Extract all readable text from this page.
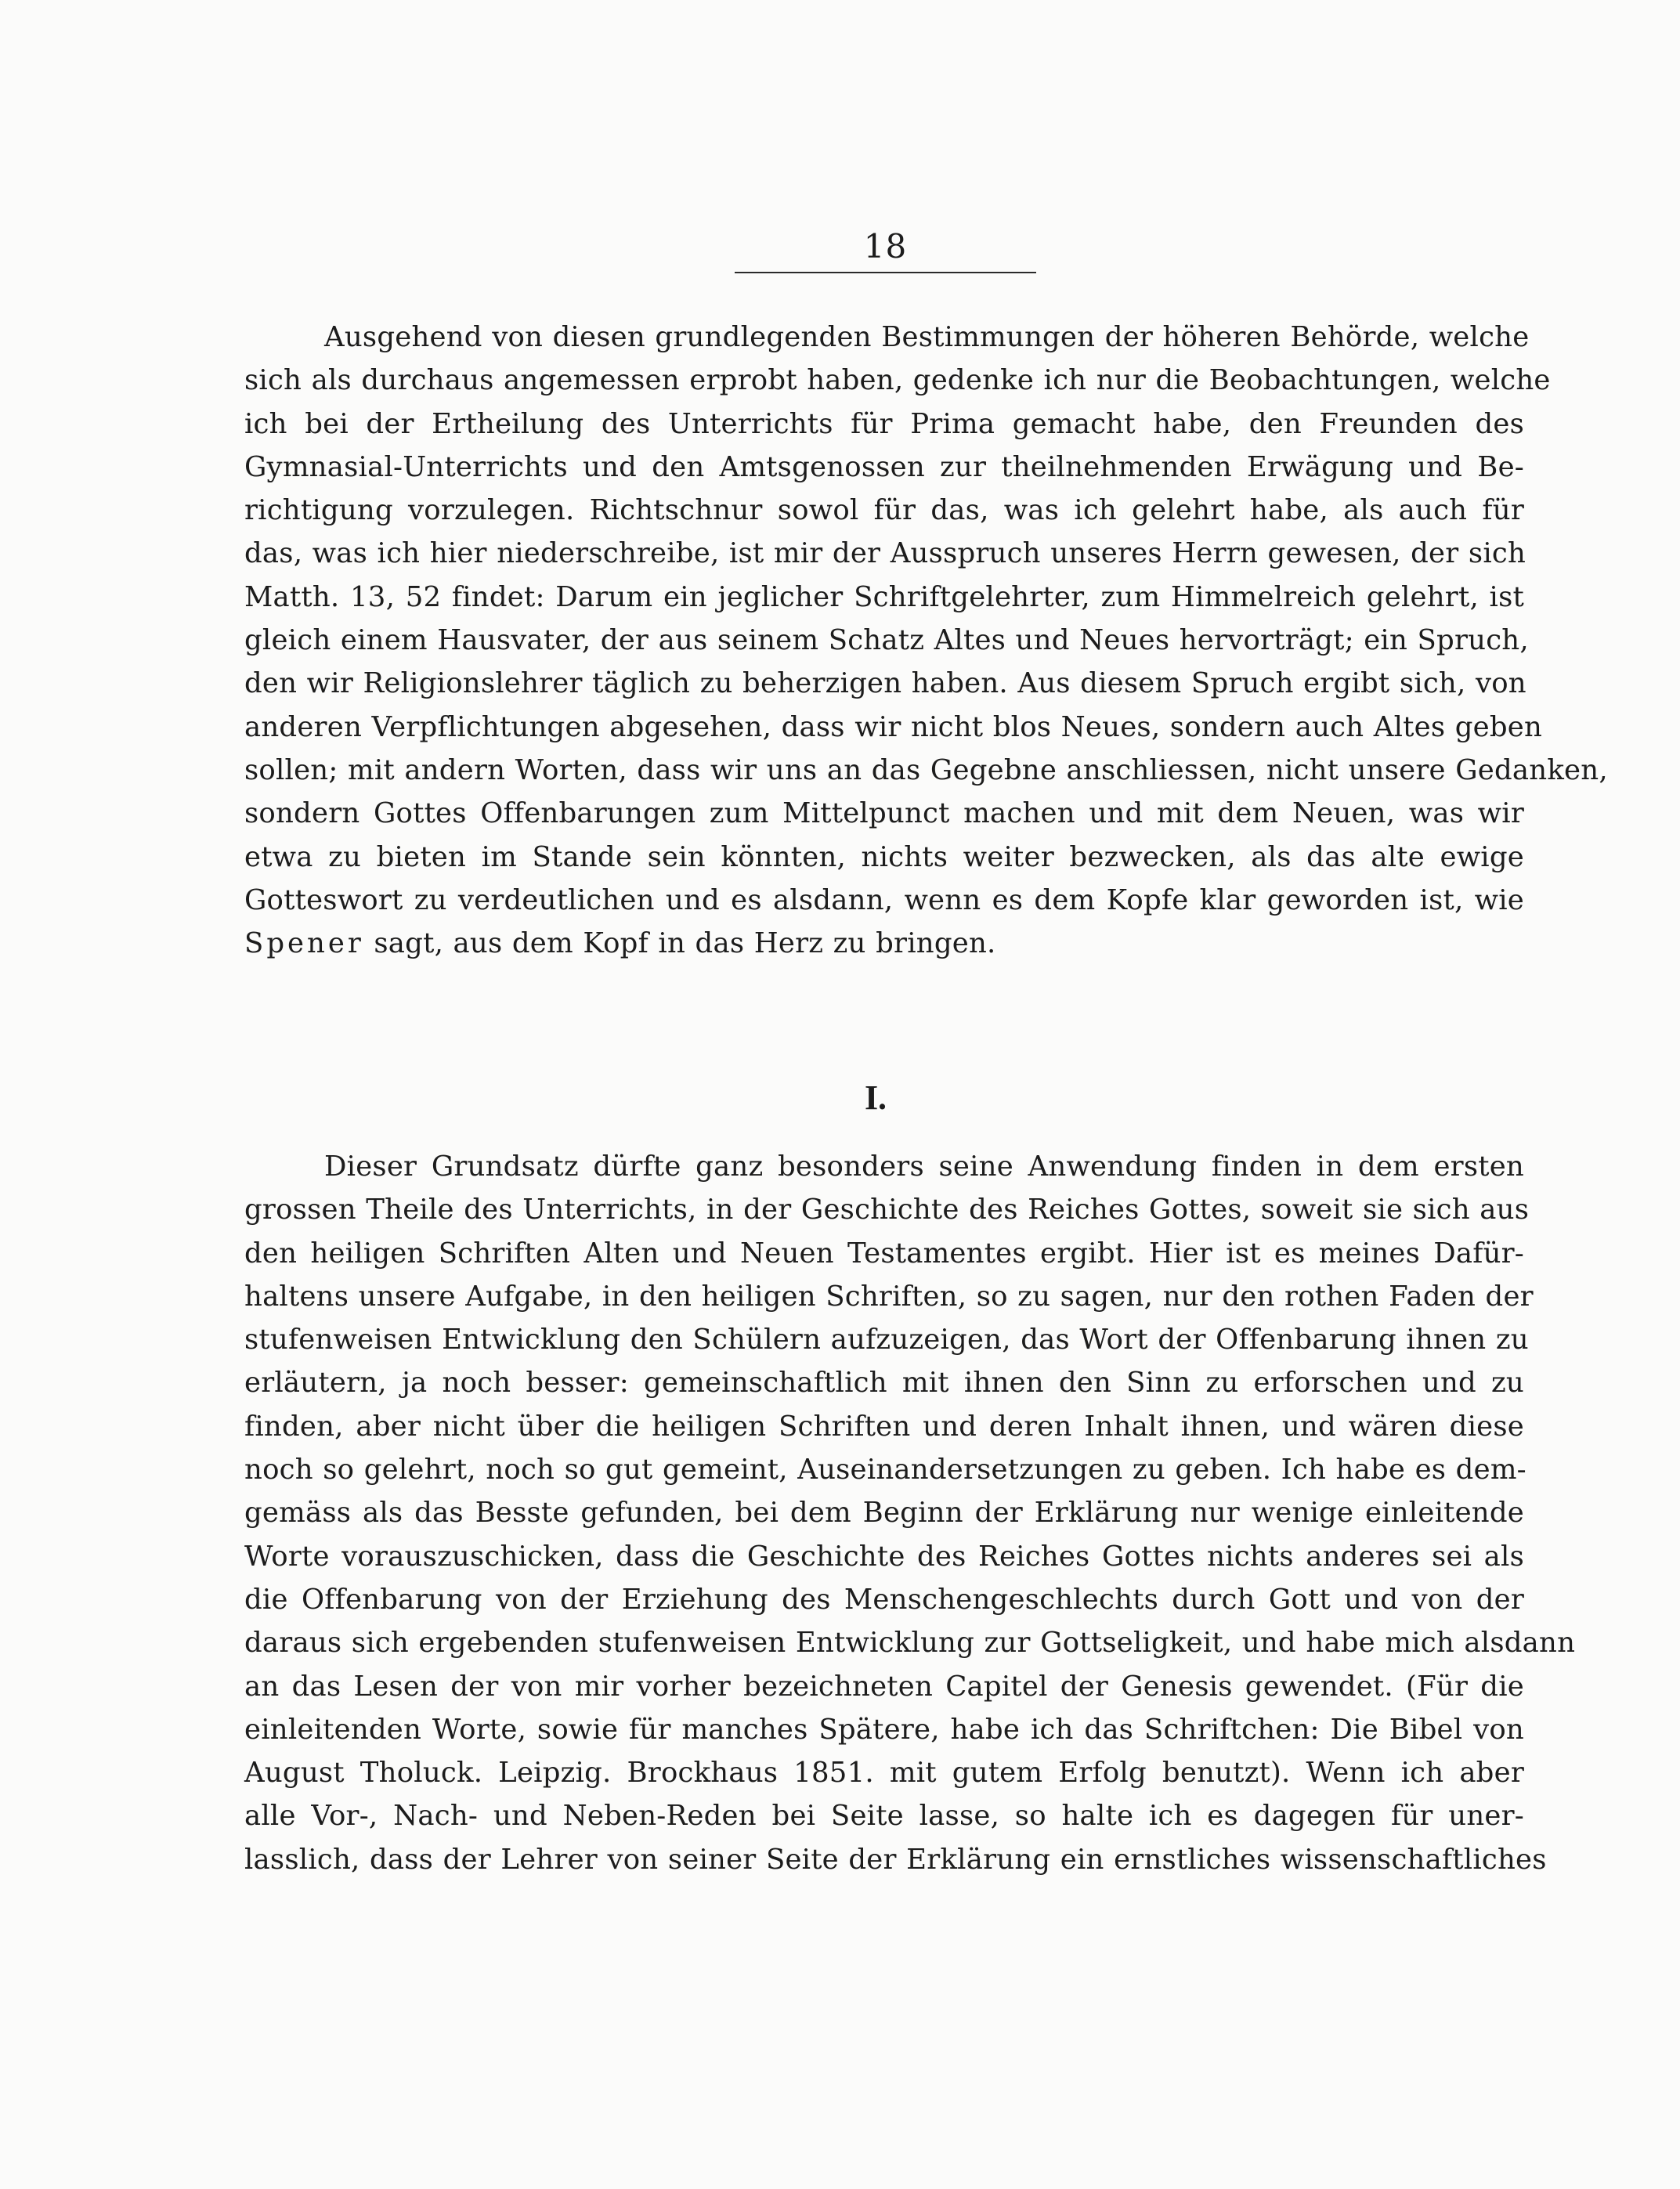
18

Ausgehend von diesen grundlegenden Bestimmungen der höheren Behörde, welche
sich als durchaus angemessen erprobt haben, gedenke ich nur die Beobachtungen, welche
ich bei der Ertheilung des Unterrichts für Prima gemacht habe, den Freunden des
Gymnasial-Unterrichts und den Amtsgenossen zur theilnehmenden Erwägung und Be-
richtigung vorzulegen. Richtschnur sowol für das, was ich gelehrt habe, als auch für
das, was ich hier niederschreibe, ist mir der Ausspruch unseres Herrn gewesen, der sich
Matth. 13, 52 findet: Darum ein jeglicher Schriftgelehrter, zum Himmelreich gelehrt, ist
gleich einem Hausvater, der aus seinem Schatz Altes und Neues hervorträgt; ein Spruch,
den wir Religionslehrer täglich zu beherzigen haben. Aus diesem Spruch ergibt sich, von
anderen Verpflichtungen abgesehen, dass wir nicht blos Neues, sondern auch Altes geben
sollen; mit andern Worten, dass wir uns an das Gegebne anschliessen, nicht unsere Gedanken,
sondern Gottes Offenbarungen zum Mittelpunct machen und mit dem Neuen, was wir
etwa zu bieten im Stande sein könnten, nichts weiter bezwecken, als das alte ewige
Gotteswort zu verdeutlichen und es alsdann, wenn es dem Kopfe klar geworden ist, wie
Spener sagt, aus dem Kopf in das Herz zu bringen.

I.

Dieser Grundsatz dürfte ganz besonders seine Anwendung finden in dem ersten
grossen Theile des Unterrichts, in der Geschichte des Reiches Gottes, soweit sie sich aus
den heiligen Schriften Alten und Neuen Testamentes ergibt. Hier ist es meines Dafür-
haltens unsere Aufgabe, in den heiligen Schriften, so zu sagen, nur den rothen Faden der
stufenweisen Entwicklung den Schülern aufzuzeigen, das Wort der Offenbarung ihnen zu
erläutern, ja noch besser: gemeinschaftlich mit ihnen den Sinn zu erforschen und zu
finden, aber nicht über die heiligen Schriften und deren Inhalt ihnen, und wären diese
noch so gelehrt, noch so gut gemeint, Auseinandersetzungen zu geben. Ich habe es dem-
gemäss als das Besste gefunden, bei dem Beginn der Erklärung nur wenige einleitende
Worte vorauszuschicken, dass die Geschichte des Reiches Gottes nichts anderes sei als
die Offenbarung von der Erziehung des Menschengeschlechts durch Gott und von der
daraus sich ergebenden stufenweisen Entwicklung zur Gottseligkeit, und habe mich alsdann
an das Lesen der von mir vorher bezeichneten Capitel der Genesis gewendet. (Für die
einleitenden Worte, sowie für manches Spätere, habe ich das Schriftchen: Die Bibel von
August Tholuck. Leipzig. Brockhaus 1851. mit gutem Erfolg benutzt). Wenn ich aber
alle Vor-, Nach- und Neben-Reden bei Seite lasse, so halte ich es dagegen für uner-
lasslich, dass der Lehrer von seiner Seite der Erklärung ein ernstliches wissenschaftliches
